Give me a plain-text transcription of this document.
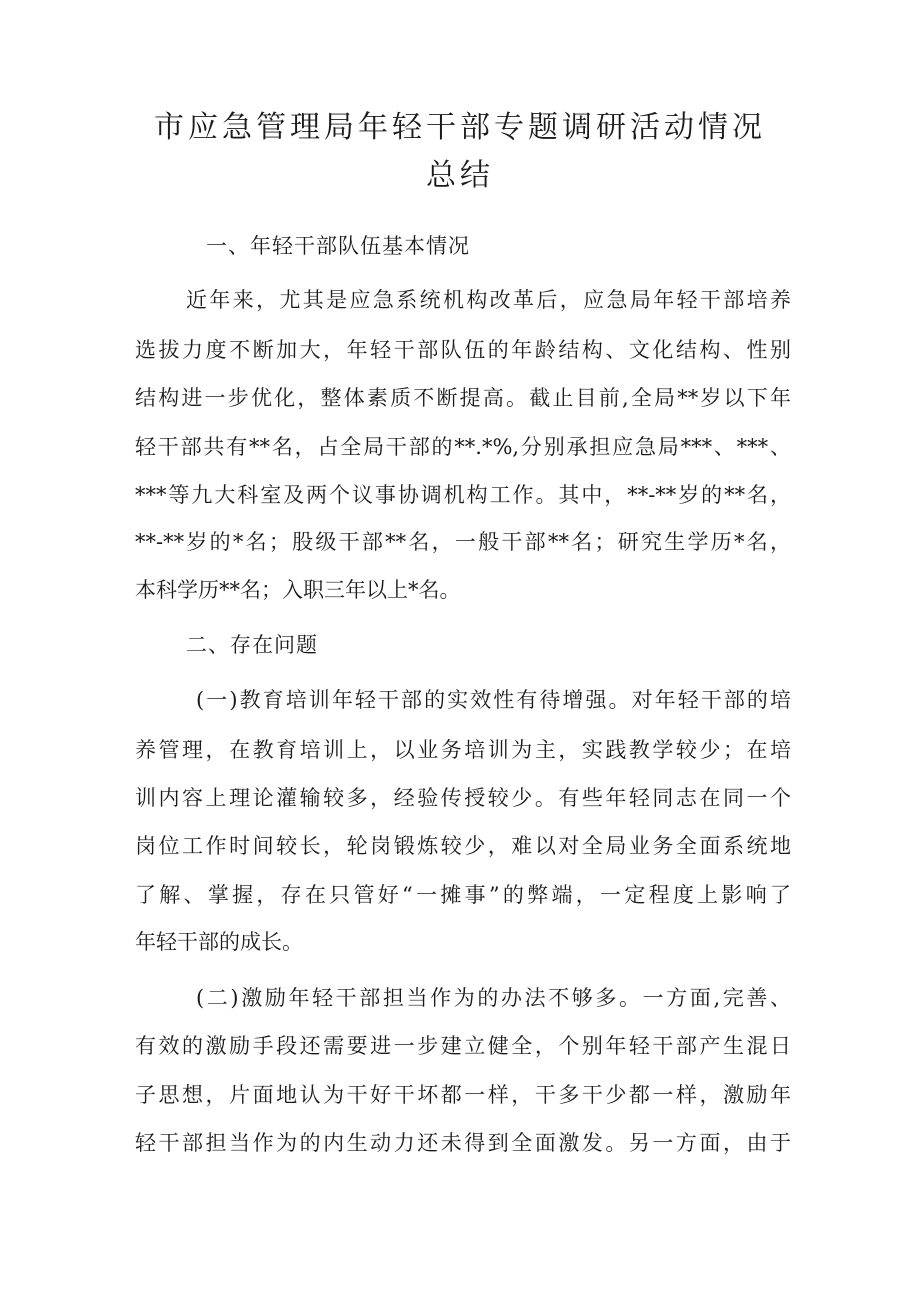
市应急管理局年轻干部专题调研活动情况
总结
一、年轻干部队伍基本情况
近年来，尤其是应急系统机构改革后，应急局年轻干部培养
选拔力度不断加大，年轻干部队伍的年龄结构、文化结构、性别
结构进一步优化，整体素质不断提高。截止目前,全局**岁以下年
轻干部共有**名，占全局干部的**.*%,分别承担应急局***、***、
***等九大科室及两个议事协调机构工作。其中，**-**岁的**名，
**-**岁的*名；股级干部**名，一般干部**名；研究生学历*名，
本科学历**名；入职三年以上*名。
二、存在问题
(一)教育培训年轻干部的实效性有待增强。对年轻干部的培
养管理，在教育培训上，以业务培训为主，实践教学较少；在培
训内容上理论灌输较多，经验传授较少。有些年轻同志在同一个
岗位工作时间较长，轮岗锻炼较少，难以对全局业务全面系统地
了解、掌握，存在只管好“一摊事”的弊端，一定程度上影响了
年轻干部的成长。
(二)激励年轻干部担当作为的办法不够多。一方面,完善、
有效的激励手段还需要进一步建立健全，个别年轻干部产生混日
子思想，片面地认为干好干坏都一样，干多干少都一样，激励年
轻干部担当作为的内生动力还未得到全面激发。另一方面，由于
